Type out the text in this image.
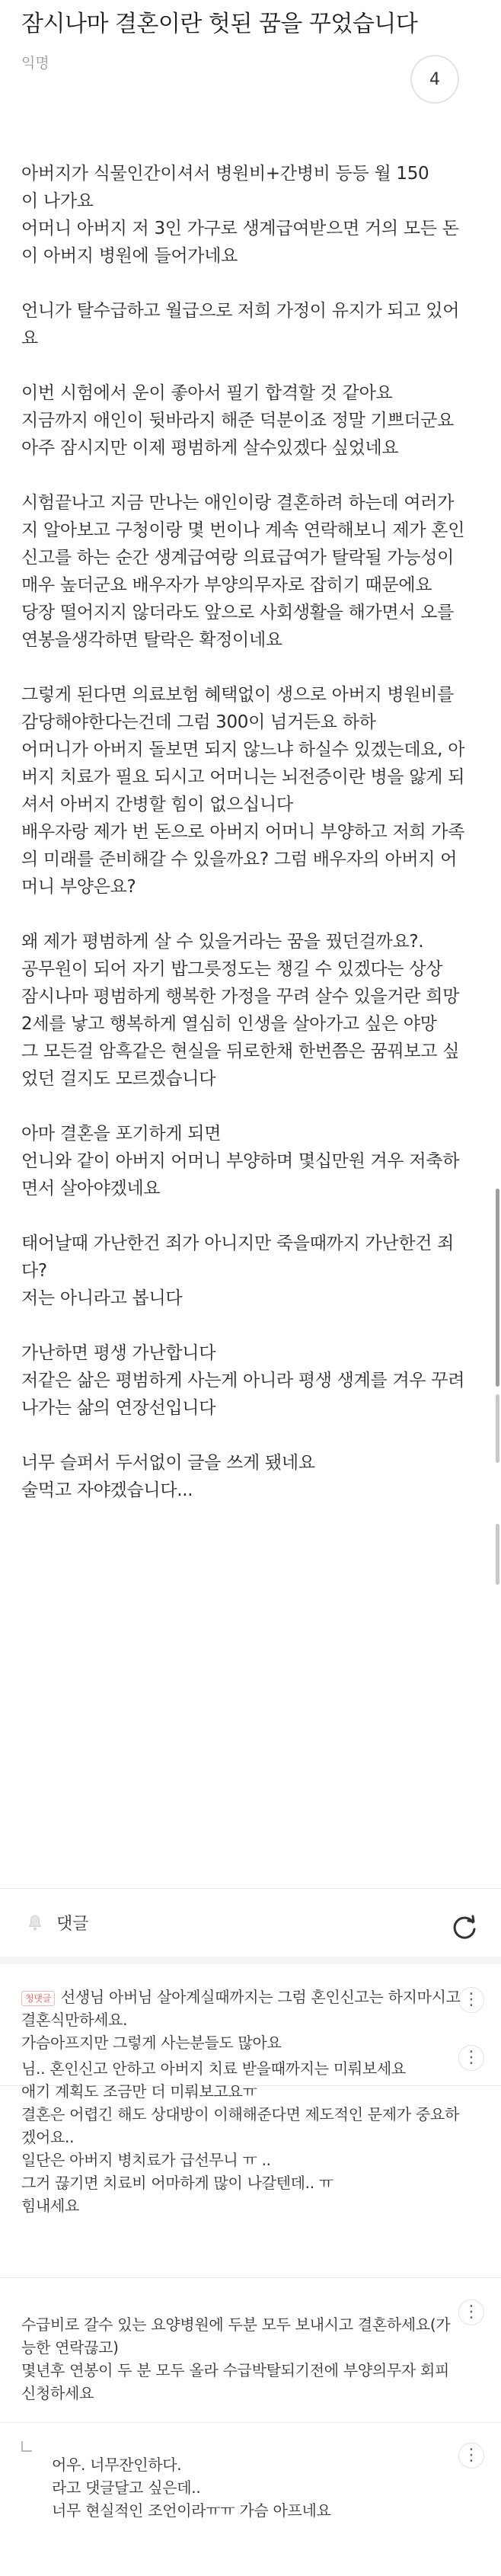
잠시나마 결혼이란 헛된 꿈을 꾸었습니다
익명
4
아버지가 식물인간이셔서 병원비+간병비 등등 월 150
이 나가요
어머니 아버지 저 3인 가구로 생계급여받으면 거의 모든 돈이 아버지 병원에 들어가네요
언니가 탈수급하고 월급으로 저희 가정이 유지가 되고 있어요
이번 시험에서 운이 좋아서 필기 합격할 것 같아요
지금까지 애인이 뒷바라지 해준 덕분이죠 정말 기쁘더군요
아주 잠시지만 이제 평범하게 살수있겠다 싶었네요
시험끝나고 지금 만나는 애인이랑 결혼하려 하는데 여러가지 알아보고 구청이랑 몇 번이나 계속 연락해보니 제가 혼인신고를 하는 순간 생계급여랑 의료급여가 탈락될 가능성이 매우 높더군요 배우자가 부양의무자로 잡히기 때문에요
당장 떨어지지 않더라도 앞으로 사회생활을 해가면서 오를 연봉을생각하면 탈락은 확정이네요
그렇게 된다면 의료보험 혜택없이 생으로 아버지 병원비를 감당해야한다는건데 그럼 300이 넘거든요 하하
어머니가 아버지 돌보면 되지 않느냐 하실수 있겠는데요, 아버지 치료가 필요 되시고 어머니는 뇌전증이란 병을 앓게 되셔서 아버지 간병할 힘이 없으십니다
배우자랑 제가 번 돈으로 아버지 어머니 부양하고 저희 가족의 미래를 준비해갈 수 있을까요? 그럼 배우자의 아버지 어머니 부양은요?
왜 제가 평범하게 살 수 있을거라는 꿈을 꿨던걸까요?.
공무원이 되어 자기 밥그릇정도는 챙길 수 있겠다는 상상
잠시나마 평범하게 행복한 가정을 꾸려 살수 있을거란 희망
2세를 낳고 행복하게 열심히 인생을 살아가고 싶은 야망
그 모든걸 암흑같은 현실을 뒤로한채 한번쯤은 꿈꿔보고 싶었던 걸지도 모르겠습니다
아마 결혼을 포기하게 되면
언니와 같이 아버지 어머니 부양하며 몇십만원 겨우 저축하면서 살아야겠네요
태어날때 가난한건 죄가 아니지만 죽을때까지 가난한건 죄다?
저는 아니라고 봅니다
가난하면 평생 가난합니다
저같은 삶은 평범하게 사는게 아니라 평생 생계를 겨우 꾸려나가는 삶의 연장선입니다
너무 슬퍼서 두서없이 글을 쓰게 됐네요
술먹고 자야겠습니다...
댓글
⋮
청댓글 선생님 아버님 살아계실때까지는 그럼 혼인신고는 하지마시고 결혼식만하세요.
가슴아프지만 그렇게 사는분들도 많아요
⋮
님.. 혼인신고 안하고 아버지 치료 받을때까지는 미뤄보세요
애기 계획도 조금만 더 미뤄보고요ㅠ
결혼은 어렵긴 해도 상대방이 이해해준다면 제도적인 문제가 중요하겠어요..
일단은 아버지 병치료가 급선무니 ㅠ ..
그거 끊기면 치료비 어마하게 많이 나갈텐데.. ㅠ
힘내세요
⋮
수급비로 갈수 있는 요양병원에 두분 모두 보내시고 결혼하세요(가능한 연락끊고)
몇년후 연봉이 두 분 모두 올라 수급박탈되기전에 부양의무자 회피신청하세요
⋮
어우. 너무잔인하다.
라고 댓글달고 싶은데..
너무 현실적인 조언이라ㅠㅠ 가슴 아프네요
